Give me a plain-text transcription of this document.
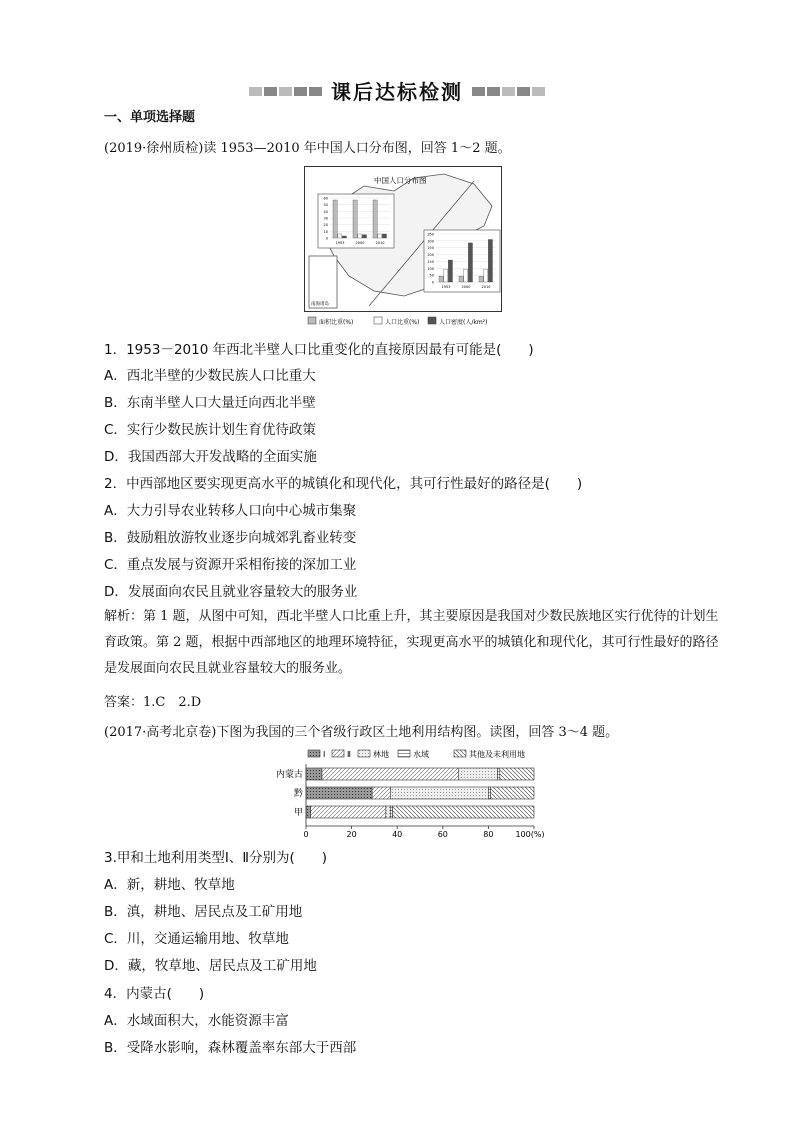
课后达标检测
一、单项选择题
(2019·徐州质检)读 1953—2010 年中国人口分布图，回答 1～2 题。
中国人口分布图
南海诸岛
60
50
40
30
20
10
0
1953	2000	2010
350
300
250
200
150
100
50
0
1953	2000	2010
面积比重(%)	人口比重(%)	人口密度(人/km²)
1．1953－2010 年西北半壁人口比重变化的直接原因最有可能是(　　)
A．西北半壁的少数民族人口比重大
B．东南半壁人口大量迁向西北半壁
C．实行少数民族计划生育优待政策
D．我国西部大开发战略的全面实施
2．中西部地区要实现更高水平的城镇化和现代化，其可行性最好的路径是(　　)
A．大力引导农业转移人口向中心城市集聚
B．鼓励粗放游牧业逐步向城郊乳畜业转变
C．重点发展与资源开采相衔接的深加工业
D．发展面向农民且就业容量较大的服务业
解析：第 1 题，从图中可知，西北半壁人口比重上升，其主要原因是我国对少数民族地区实行优待的计划生育政策。第 2 题，根据中西部地区的地理环境特征，实现更高水平的城镇化和现代化，其可行性最好的路径是发展面向农民且就业容量较大的服务业。
答案：1.C　2.D
(2017·高考北京卷)下图为我国的三个省级行政区土地利用结构图。读图，回答 3～4 题。
Ⅰ	Ⅱ	林地	水域	其他及未利用地
内蒙古
黔
甲
0	20	40	60	80	100(%)
3.甲和土地利用类型Ⅰ、Ⅱ分别为(　　)
A．新，耕地、牧草地
B．滇，耕地、居民点及工矿用地
C．川，交通运输用地、牧草地
D．藏，牧草地、居民点及工矿用地
4．内蒙古(　　)
A．水域面积大，水能资源丰富
B．受降水影响，森林覆盖率东部大于西部
